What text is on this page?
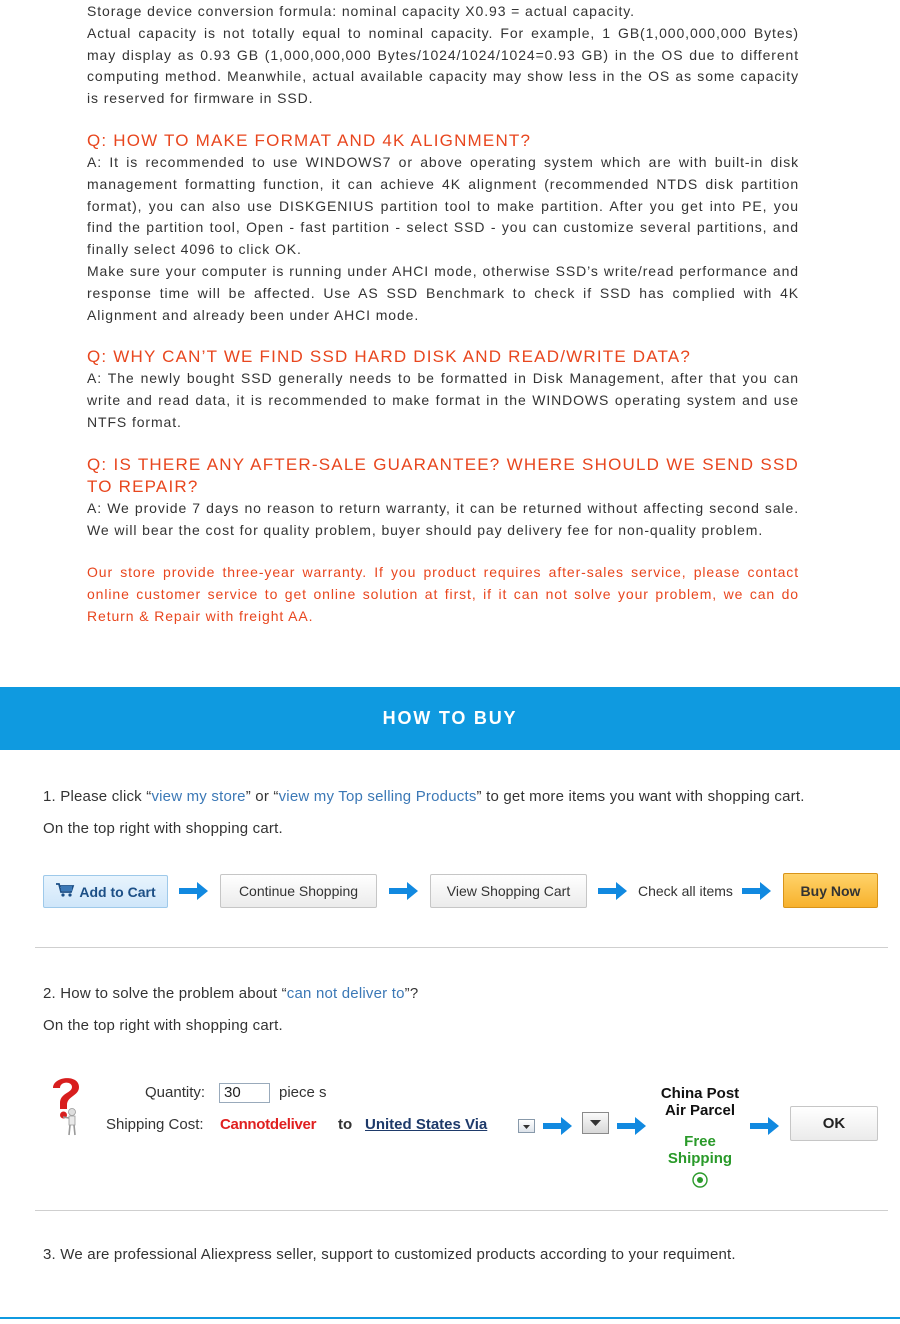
Storage device conversion formula: nominal capacity X0.93 = actual capacity.

Actual capacity is not totally equal to nominal capacity. For example, 1 GB(1,000,000,000 Bytes) may display as 0.93 GB (1,000,000,000 Bytes/1024/1024/1024=0.93 GB) in the OS due to different computing method. Meanwhile, actual available capacity may show less in the OS as some capacity is reserved for firmware in SSD.

Q: HOW TO MAKE FORMAT AND 4K ALIGNMENT?

A: It is recommended to use WINDOWS7 or above operating system which are with built-in disk management formatting function, it can achieve 4K alignment (recommended NTDS disk partition format), you can also use DISKGENIUS partition tool to make partition. After you get into PE, you find the partition tool, Open - fast partition - select SSD - you can customize several partitions, and finally select 4096 to click OK.

Make sure your computer is running under AHCI mode, otherwise SSD’s write/read performance and response time will be affected. Use AS SSD Benchmark to check if SSD has complied with 4K Alignment and already been under AHCI mode.

Q: WHY CAN’T WE FIND SSD HARD DISK AND READ/WRITE DATA?

A: The newly bought SSD generally needs to be formatted in Disk Management, after that you can write and read data, it is recommended to make format in the WINDOWS operating system and use NTFS format.

Q: IS THERE ANY AFTER-SALE GUARANTEE? WHERE SHOULD WE SEND SSD TO REPAIR?

A: We provide 7 days no reason to return warranty, it can be returned without affecting second sale. We will bear the cost for quality problem, buyer should pay delivery fee for non-quality problem.

Our store provide three-year warranty. If you product requires after-sales service, please contact online customer service to get online solution at first, if it can not solve your problem, we can do Return & Repair with freight AA.

HOW TO BUY
1. Please click “view my store” or “view my Top selling Products” to get more items you want with shopping cart.
On the top right with shopping cart.
Add to Cart	Continue Shopping	View Shopping Cart	Check all items	Buy Now
2. How to solve the problem about “can not deliver to”?
On the top right with shopping cart.
Quantity:	30	piece s
Shipping Cost: Cannotdeliver to United States Via
China Post
Air Parcel
Free
Shipping
OK
3. We are professional Aliexpress seller, support to customized products according to your requiment.
